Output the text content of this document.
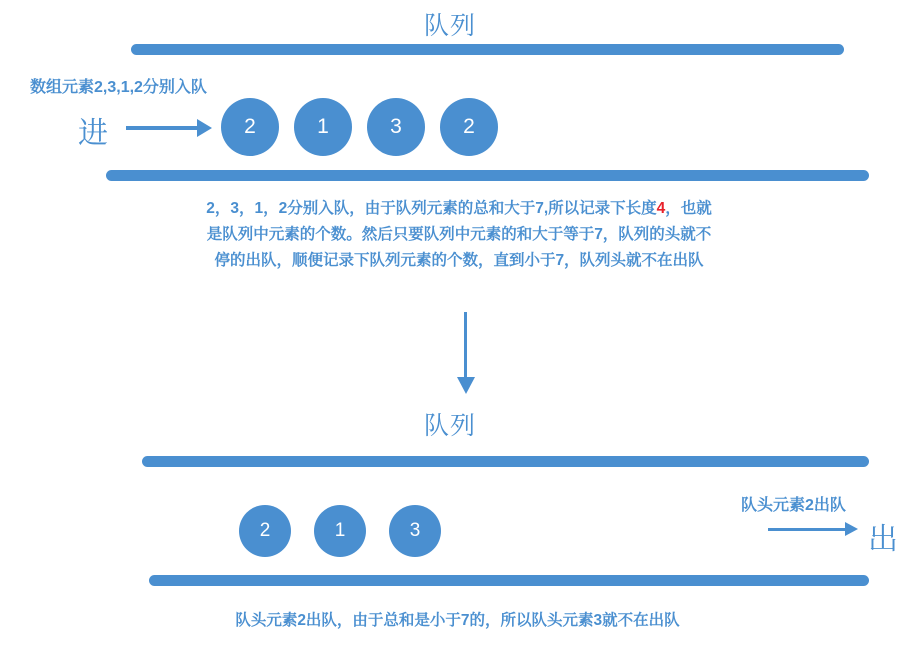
队列
数组元素2,3,1,2分别入队
进	2	1	3	2
2，3，1，2分别入队，由于队列元素的总和大于7,所以记录下长度4，也就
是队列中元素的个数。然后只要队列中元素的和大于等于7，队列的头就不
停的出队，顺便记录下队列元素的个数，直到小于7，队列头就不在出队
队列
2	1	3
队头元素2出队
出
队头元素2出队，由于总和是小于7的，所以队头元素3就不在出队
